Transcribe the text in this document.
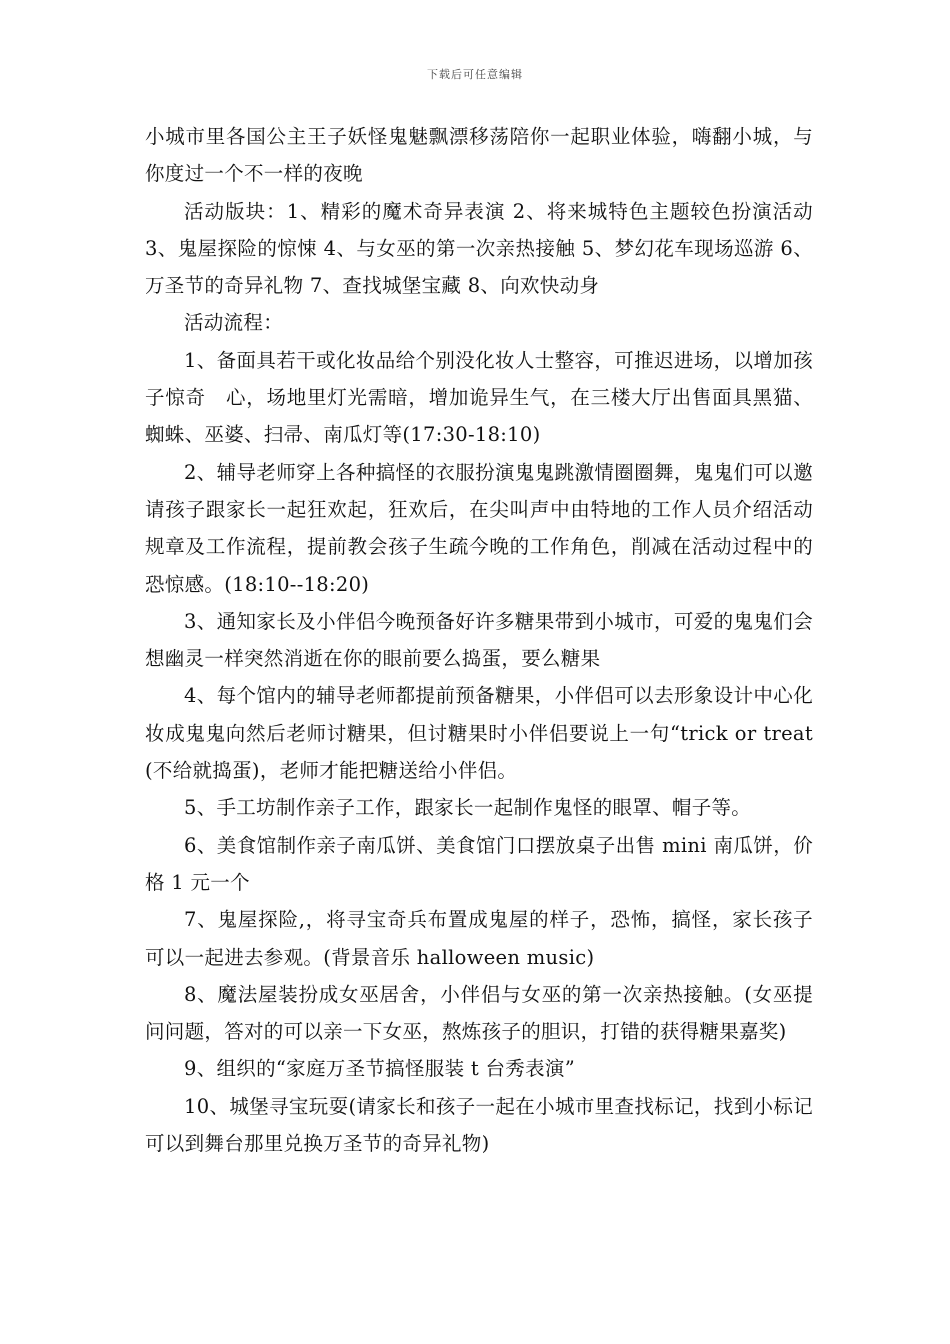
下载后可任意编辑

小城市里各国公主王子妖怪鬼魅飘漂移荡陪你一起职业体验，嗨翻小城，与你度过一个不一样的夜晚

活动版块：1、精彩的魔术奇异表演 2、将来城特色主题较色扮演活动 3、鬼屋探险的惊悚 4、与女巫的第一次亲热接触 5、梦幻花车现场巡游 6、万圣节的奇异礼物 7、查找城堡宝藏 8、向欢快动身

活动流程：

1、备面具若干或化妆品给个别没化妆人士整容，可推迟进场，以增加孩子惊奇　心，场地里灯光需暗，增加诡异生气，在三楼大厅出售面具黑猫、蜘蛛、巫婆、扫帚、南瓜灯等(17:30-18:10)

2、辅导老师穿上各种搞怪的衣服扮演鬼鬼跳激情圈圈舞，鬼鬼们可以邀请孩子跟家长一起狂欢起，狂欢后，在尖叫声中由特地的工作人员介绍活动规章及工作流程，提前教会孩子生疏今晚的工作角色，削减在活动过程中的恐惊感。(18:10--18:20)

3、通知家长及小伴侣今晚预备好许多糖果带到小城市，可爱的鬼鬼们会想幽灵一样突然消逝在你的眼前要么捣蛋，要么糖果

4、每个馆内的辅导老师都提前预备糖果，小伴侣可以去形象设计中心化妆成鬼鬼向然后老师讨糖果，但讨糖果时小伴侣要说上一句“trick or treat(不给就捣蛋)，老师才能把糖送给小伴侣。

5、手工坊制作亲子工作，跟家长一起制作鬼怪的眼罩、帽子等。

6、美食馆制作亲子南瓜饼、美食馆门口摆放桌子出售 mini 南瓜饼，价格 1 元一个

7、鬼屋探险,，将寻宝奇兵布置成鬼屋的样子，恐怖，搞怪，家长孩子可以一起进去参观。(背景音乐 halloween music)

8、魔法屋装扮成女巫居舍，小伴侣与女巫的第一次亲热接触。(女巫提问问题，答对的可以亲一下女巫，熬炼孩子的胆识，打错的获得糖果嘉奖)

9、组织的“家庭万圣节搞怪服装 t 台秀表演”

10、城堡寻宝玩耍(请家长和孩子一起在小城市里查找标记，找到小标记可以到舞台那里兑换万圣节的奇异礼物)
